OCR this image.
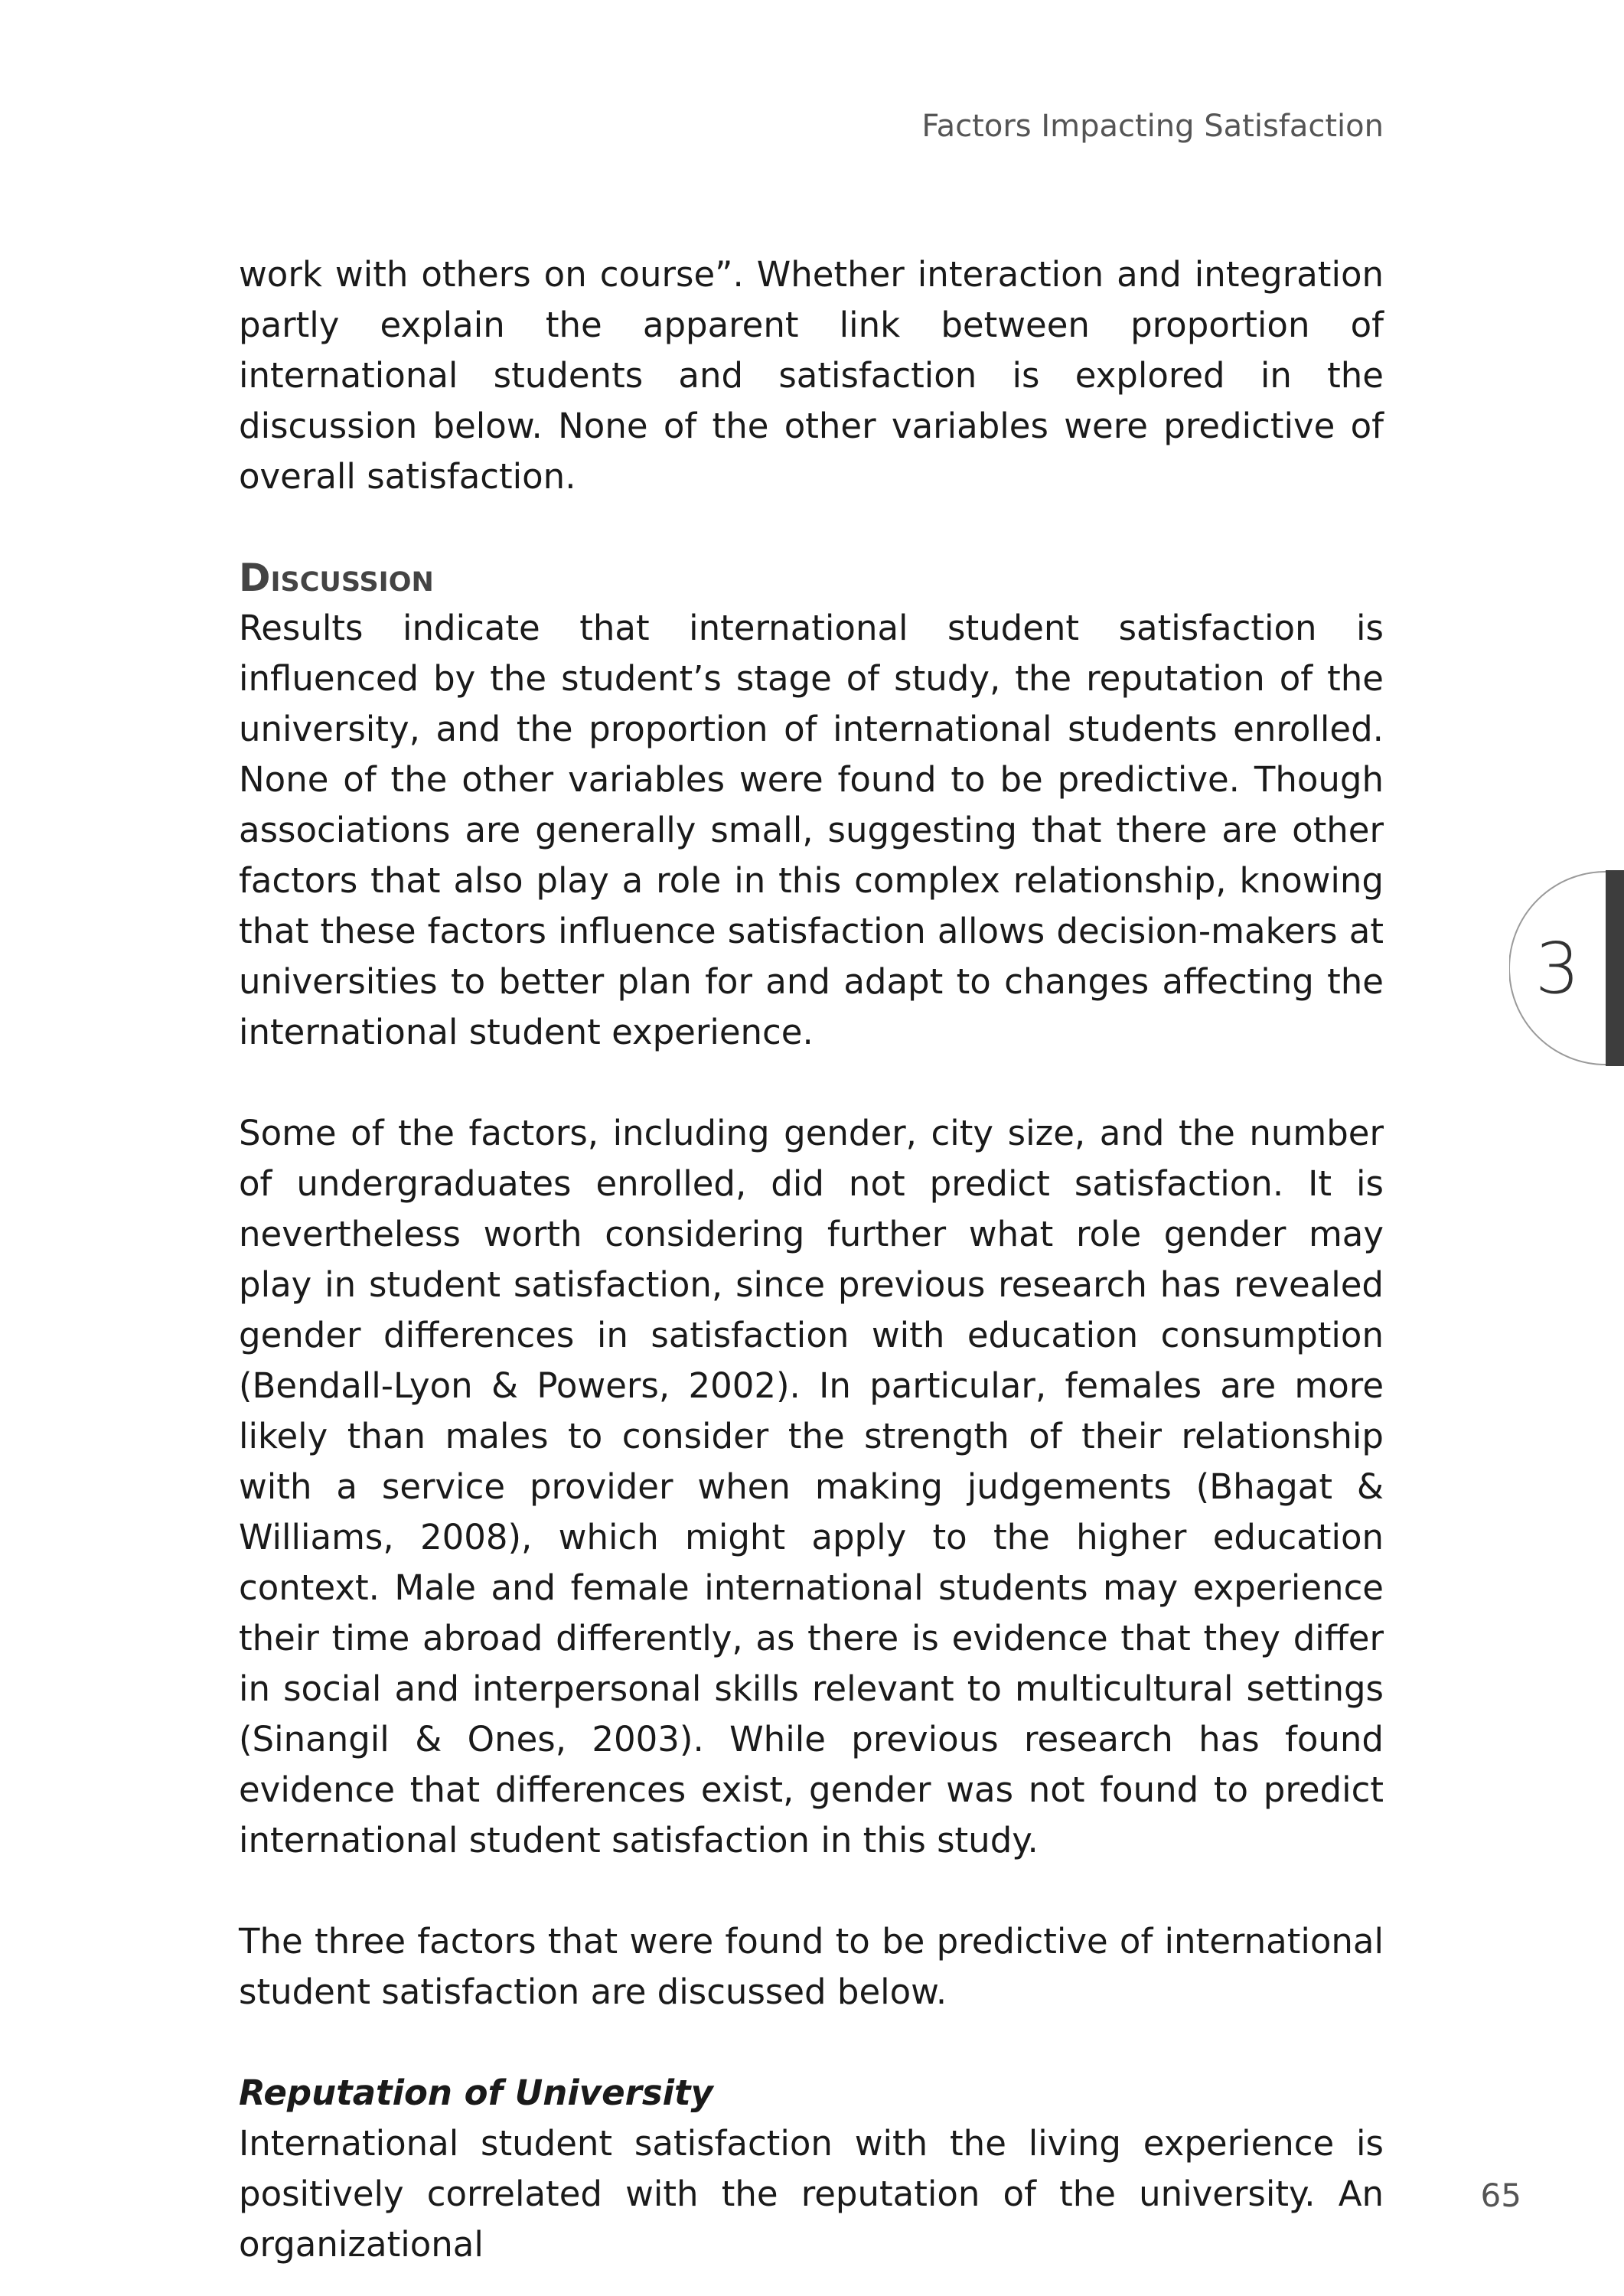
Factors Impacting Satisfaction

work with others on course”. Whether interaction and integration partly explain the apparent link between proportion of international students and satisfaction is explored in the discussion below. None of the other variables were predictive of overall satisfaction.

Discussion

Results indicate that international student satisfaction is influenced by the student’s stage of study, the reputation of the university, and the proportion of international students enrolled. None of the other variables were found to be predictive. Though associations are generally small, suggesting that there are other factors that also play a role in this complex relationship, knowing that these factors influence satisfaction allows decision-makers at universities to better plan for and adapt to changes affecting the international student experience.

Some of the factors, including gender, city size, and the number of undergraduates enrolled, did not predict satisfaction. It is nevertheless worth considering further what role gender may play in student satisfaction, since previous research has revealed gender differences in satisfaction with education consumption (Bendall-Lyon & Powers, 2002). In particular, females are more likely than males to consider the strength of their relationship with a service provider when making judgements (Bhagat & Williams, 2008), which might apply to the higher education context. Male and female international students may experience their time abroad differently, as there is evidence that they differ in social and interpersonal skills relevant to multicultural settings (Sinangil & Ones, 2003). While previous research has found evidence that differences exist, gender was not found to predict international student satisfaction in this study.

The three factors that were found to be predictive of international student satisfaction are discussed below.

Reputation of University

International student satisfaction with the living experience is positively correlated with the reputation of the university. An organizational

3
65
